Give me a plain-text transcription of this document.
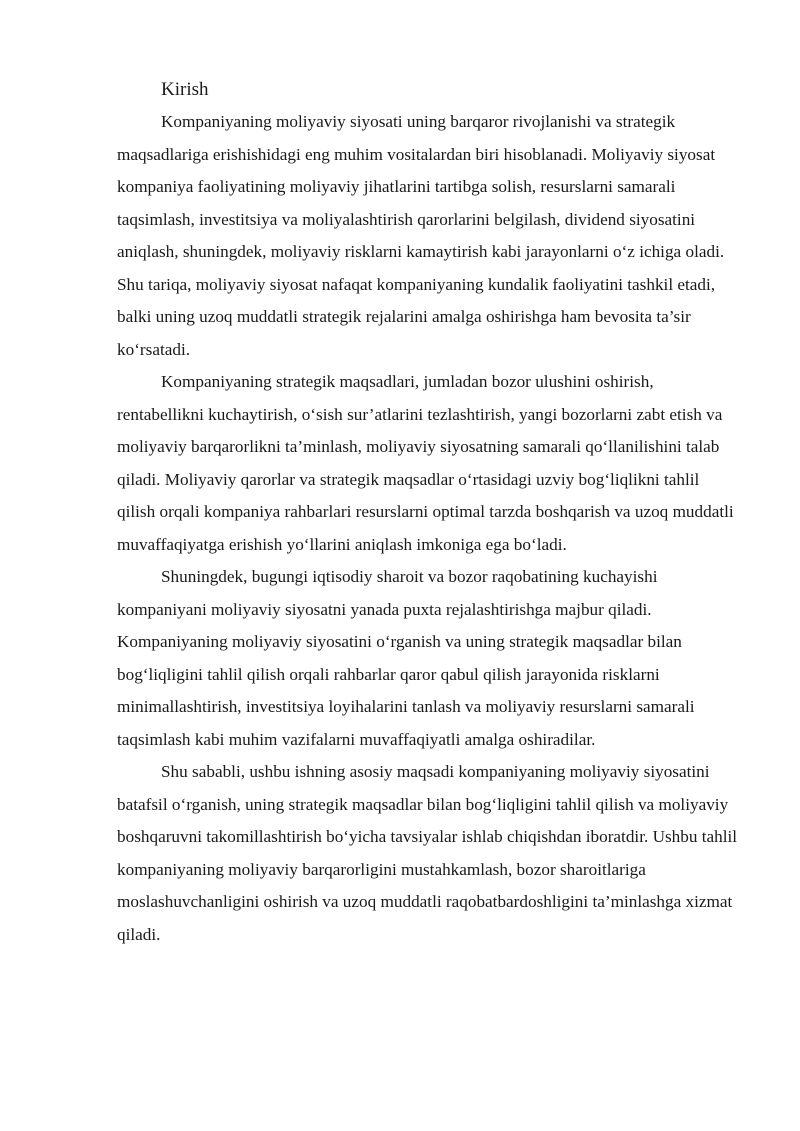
Kirish

Kompaniyaning moliyaviy siyosati uning barqaror rivojlanishi va strategik maqsadlariga erishishidagi eng muhim vositalardan biri hisoblanadi. Moliyaviy siyosat kompaniya faoliyatining moliyaviy jihatlarini tartibga solish, resurslarni samarali taqsimlash, investitsiya va moliyalashtirish qarorlarini belgilash, dividend siyosatini aniqlash, shuningdek, moliyaviy risklarni kamaytirish kabi jarayonlarni o‘z ichiga oladi. Shu tariqa, moliyaviy siyosat nafaqat kompaniyaning kundalik faoliyatini tashkil etadi, balki uning uzoq muddatli strategik rejalarini amalga oshirishga ham bevosita ta’sir ko‘rsatadi.

Kompaniyaning strategik maqsadlari, jumladan bozor ulushini oshirish, rentabellikni kuchaytirish, o‘sish sur’atlarini tezlashtirish, yangi bozorlarni zabt etish va moliyaviy barqarorlikni ta’minlash, moliyaviy siyosatning samarali qo‘llanilishini talab qiladi. Moliyaviy qarorlar va strategik maqsadlar o‘rtasidagi uzviy bog‘liqlikni tahlil qilish orqali kompaniya rahbarlari resurslarni optimal tarzda boshqarish va uzoq muddatli muvaffaqiyatga erishish yo‘llarini aniqlash imkoniga ega bo‘ladi.

Shuningdek, bugungi iqtisodiy sharoit va bozor raqobatining kuchayishi kompaniyani moliyaviy siyosatni yanada puxta rejalashtirishga majbur qiladi. Kompaniyaning moliyaviy siyosatini o‘rganish va uning strategik maqsadlar bilan bog‘liqligini tahlil qilish orqali rahbarlar qaror qabul qilish jarayonida risklarni minimallashtirish, investitsiya loyihalarini tanlash va moliyaviy resurslarni samarali taqsimlash kabi muhim vazifalarni muvaffaqiyatli amalga oshiradilar.

Shu sababli, ushbu ishning asosiy maqsadi kompaniyaning moliyaviy siyosatini batafsil o‘rganish, uning strategik maqsadlar bilan bog‘liqligini tahlil qilish va moliyaviy boshqaruvni takomillashtirish bo‘yicha tavsiyalar ishlab chiqishdan iboratdir. Ushbu tahlil kompaniyaning moliyaviy barqarorligini mustahkamlash, bozor sharoitlariga moslashuvchanligini oshirish va uzoq muddatli raqobatbardoshligini ta’minlashga xizmat qiladi.
